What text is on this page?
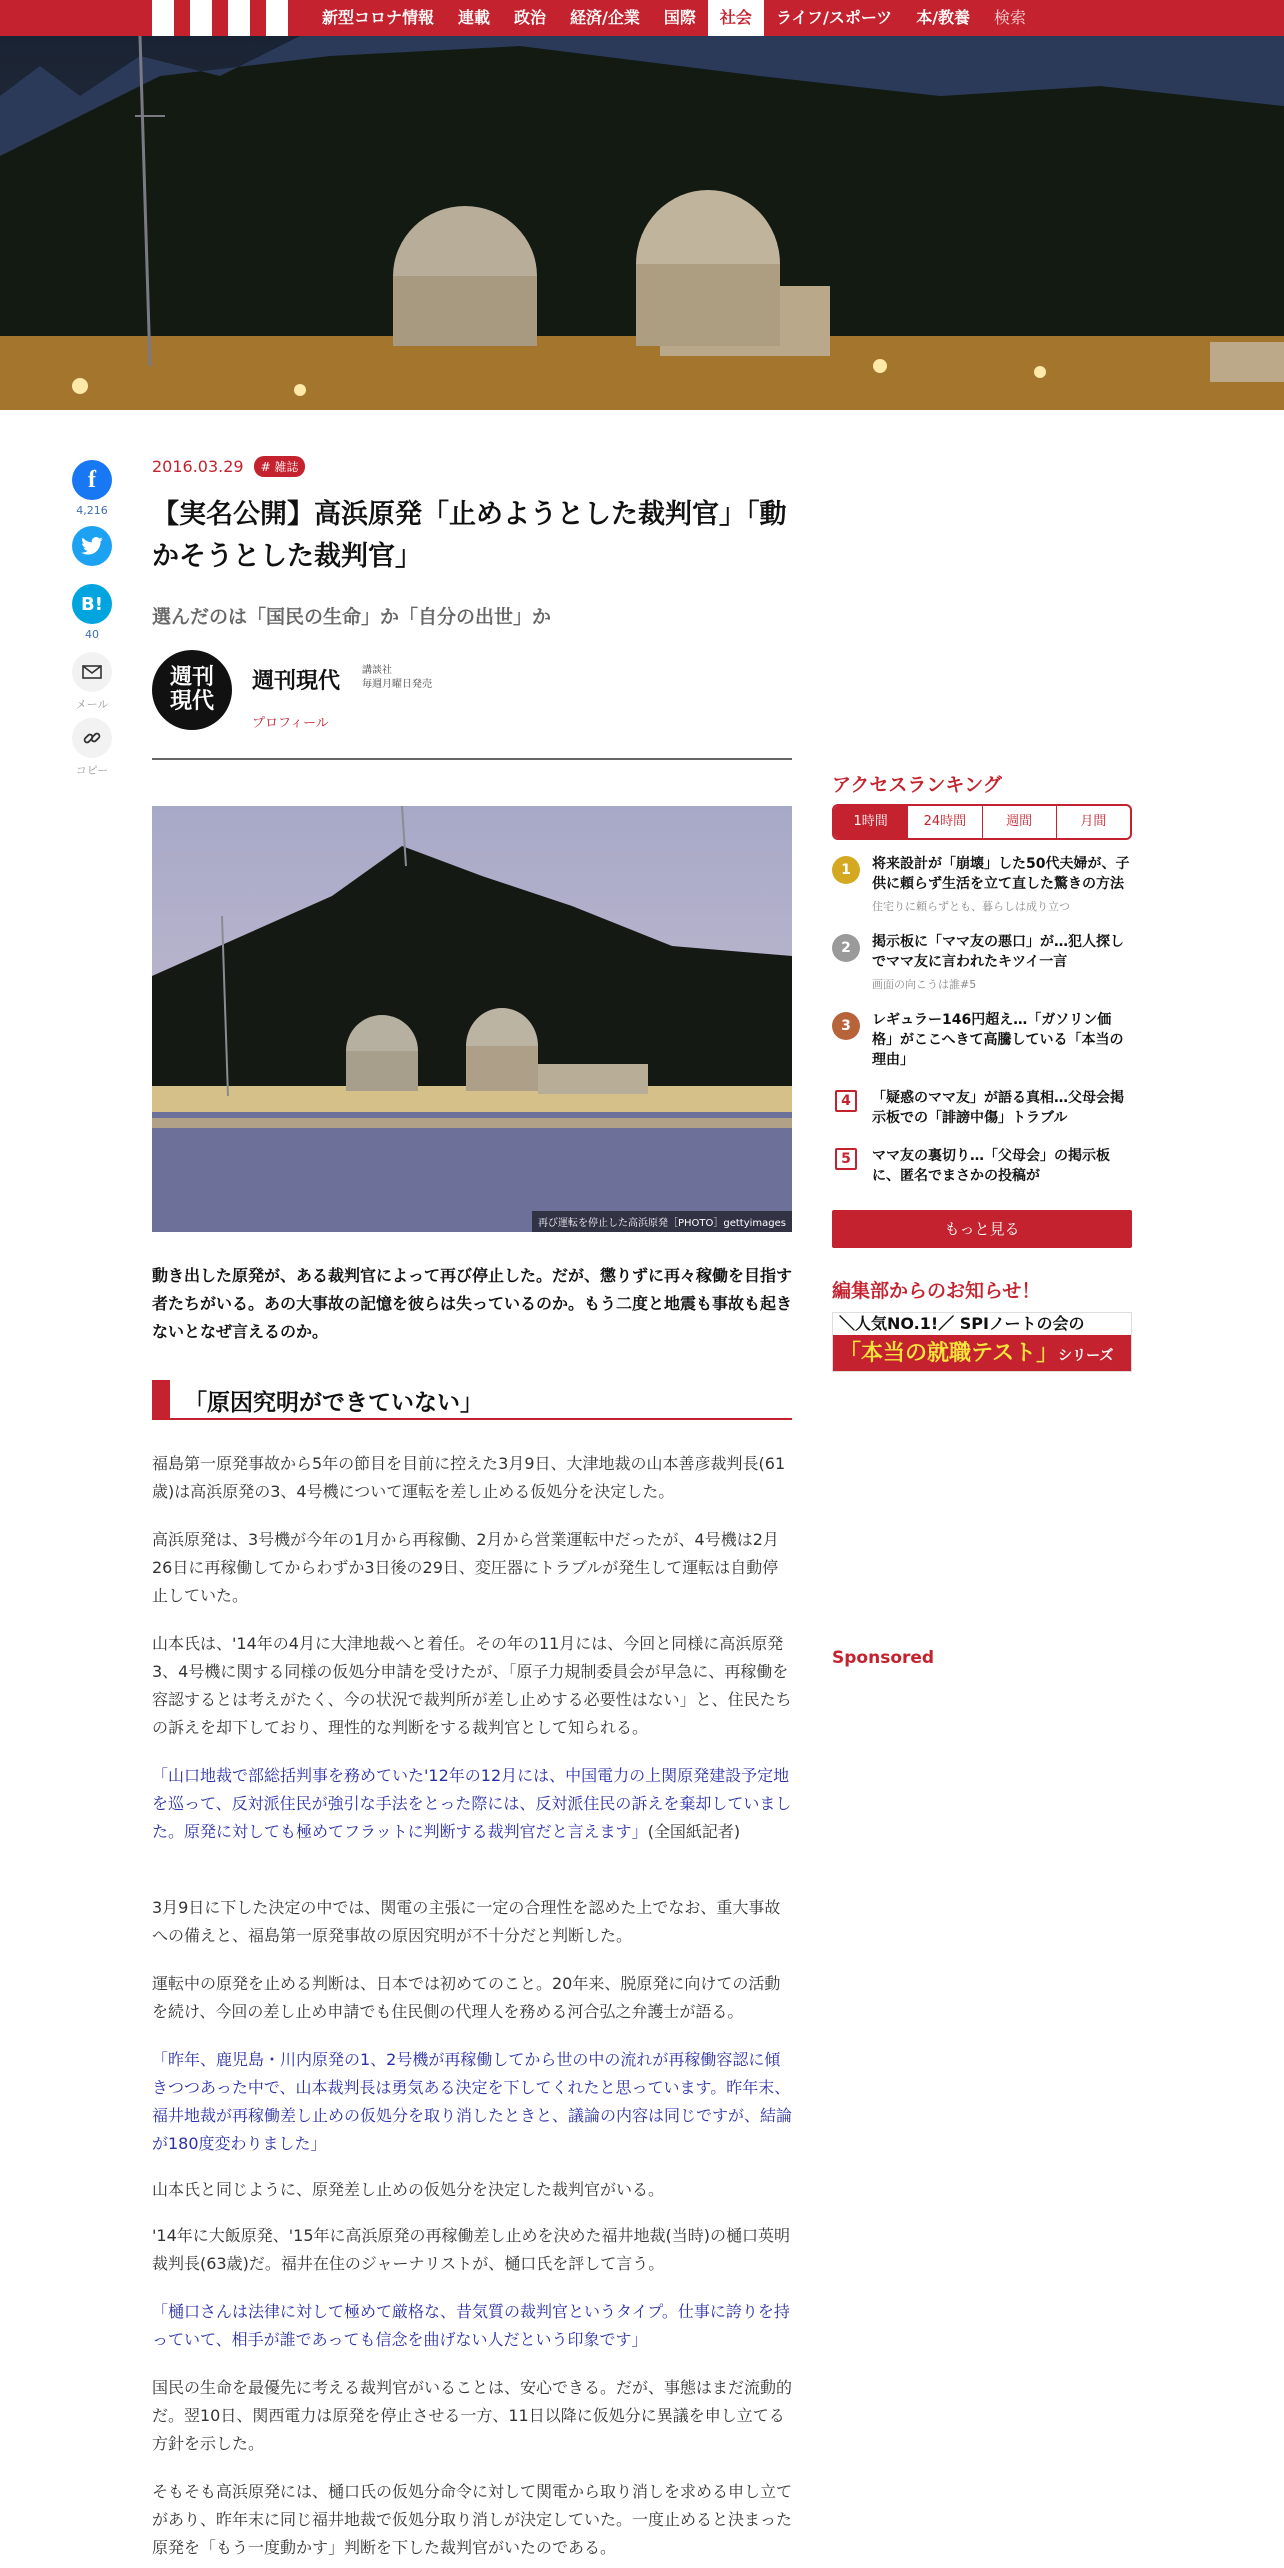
新型コロナ情報	連載	政治	経済/企業	国際	社会	ライフ/スポーツ	本/教養	検索
f
4,216
B!
40
メール
コピー
2016.03.29	# 雑誌
【実名公開】高浜原発「止めようとした裁判官」「動かそうとした裁判官」
選んだのは「国民の生命」か「自分の出世」か
週刊
現代
週刊現代 講談社
毎週月曜日発売
プロフィール
再び運転を停止した高浜原発［PHOTO］gettyimages

動き出した原発が、ある裁判官によって再び停止した。だが、懲りずに再々稼働を目指す者たちがいる。あの大事故の記憶を彼らは失っているのか。もう二度と地震も事故も起きないとなぜ言えるのか。

「原因究明ができていない」

福島第一原発事故から5年の節目を目前に控えた3月9日、大津地裁の山本善彦裁判長(61歳)は高浜原発の3、4号機について運転を差し止める仮処分を決定した。

高浜原発は、3号機が今年の1月から再稼働、2月から営業運転中だったが、4号機は2月26日に再稼働してからわずか3日後の29日、変圧器にトラブルが発生して運転は自動停止していた。

山本氏は、'14年の4月に大津地裁へと着任。その年の11月には、今回と同様に高浜原発3、4号機に関する同様の仮処分申請を受けたが、「原子力規制委員会が早急に、再稼働を容認するとは考えがたく、今の状況で裁判所が差し止めする必要性はない」と、住民たちの訴えを却下しており、理性的な判断をする裁判官として知られる。

「山口地裁で部総括判事を務めていた'12年の12月には、中国電力の上関原発建設予定地を巡って、反対派住民が強引な手法をとった際には、反対派住民の訴えを棄却していました。原発に対しても極めてフラットに判断する裁判官だと言えます」(全国紙記者)

3月9日に下した決定の中では、関電の主張に一定の合理性を認めた上でなお、重大事故への備えと、福島第一原発事故の原因究明が不十分だと判断した。

運転中の原発を止める判断は、日本では初めてのこと。20年来、脱原発に向けての活動を続け、今回の差し止め申請でも住民側の代理人を務める河合弘之弁護士が語る。

「昨年、鹿児島・川内原発の1、2号機が再稼働してから世の中の流れが再稼働容認に傾きつつあった中で、山本裁判長は勇気ある決定を下してくれたと思っています。昨年末、福井地裁が再稼働差し止めの仮処分を取り消したときと、議論の内容は同じですが、結論が180度変わりました」

山本氏と同じように、原発差し止めの仮処分を決定した裁判官がいる。

'14年に大飯原発、'15年に高浜原発の再稼働差し止めを決めた福井地裁(当時)の樋口英明裁判長(63歳)だ。福井在住のジャーナリストが、樋口氏を評して言う。

「樋口さんは法律に対して極めて厳格な、昔気質の裁判官というタイプ。仕事に誇りを持っていて、相手が誰であっても信念を曲げない人だという印象です」

国民の生命を最優先に考える裁判官がいることは、安心できる。だが、事態はまだ流動的だ。翌10日、関西電力は原発を停止させる一方、11日以降に仮処分に異議を申し立てる方針を示した。

そもそも高浜原発には、樋口氏の仮処分命令に対して関電から取り消しを求める申し立てがあり、昨年末に同じ福井地裁で仮処分取り消しが決定していた。一度止めると決まった原発を「もう一度動かす」判断を下した裁判官がいたのである。

アクセスランキング
1時間	24時間	週間	月間
1	将来設計が「崩壊」した50代夫婦が、子供に頼らず生活を立て直した驚きの方法
住宅りに頼らずとも、暮らしは成り立つ
2	掲示板に「ママ友の悪口」が…犯人探しでママ友に言われたキツイ一言
画面の向こうは誰#5
3	レギュラー146円超え…「ガソリン価格」がここへきて高騰している「本当の理由」
4	「疑惑のママ友」が語る真相…父母会掲示板での「誹謗中傷」トラブル
5	ママ友の裏切り…「父母会」の掲示板に、匿名でまさかの投稿が
もっと見る
編集部からのお知らせ！
＼人気NO.1!／ SPIノートの会の
「本当の就職テスト」シリーズ
Sponsored
